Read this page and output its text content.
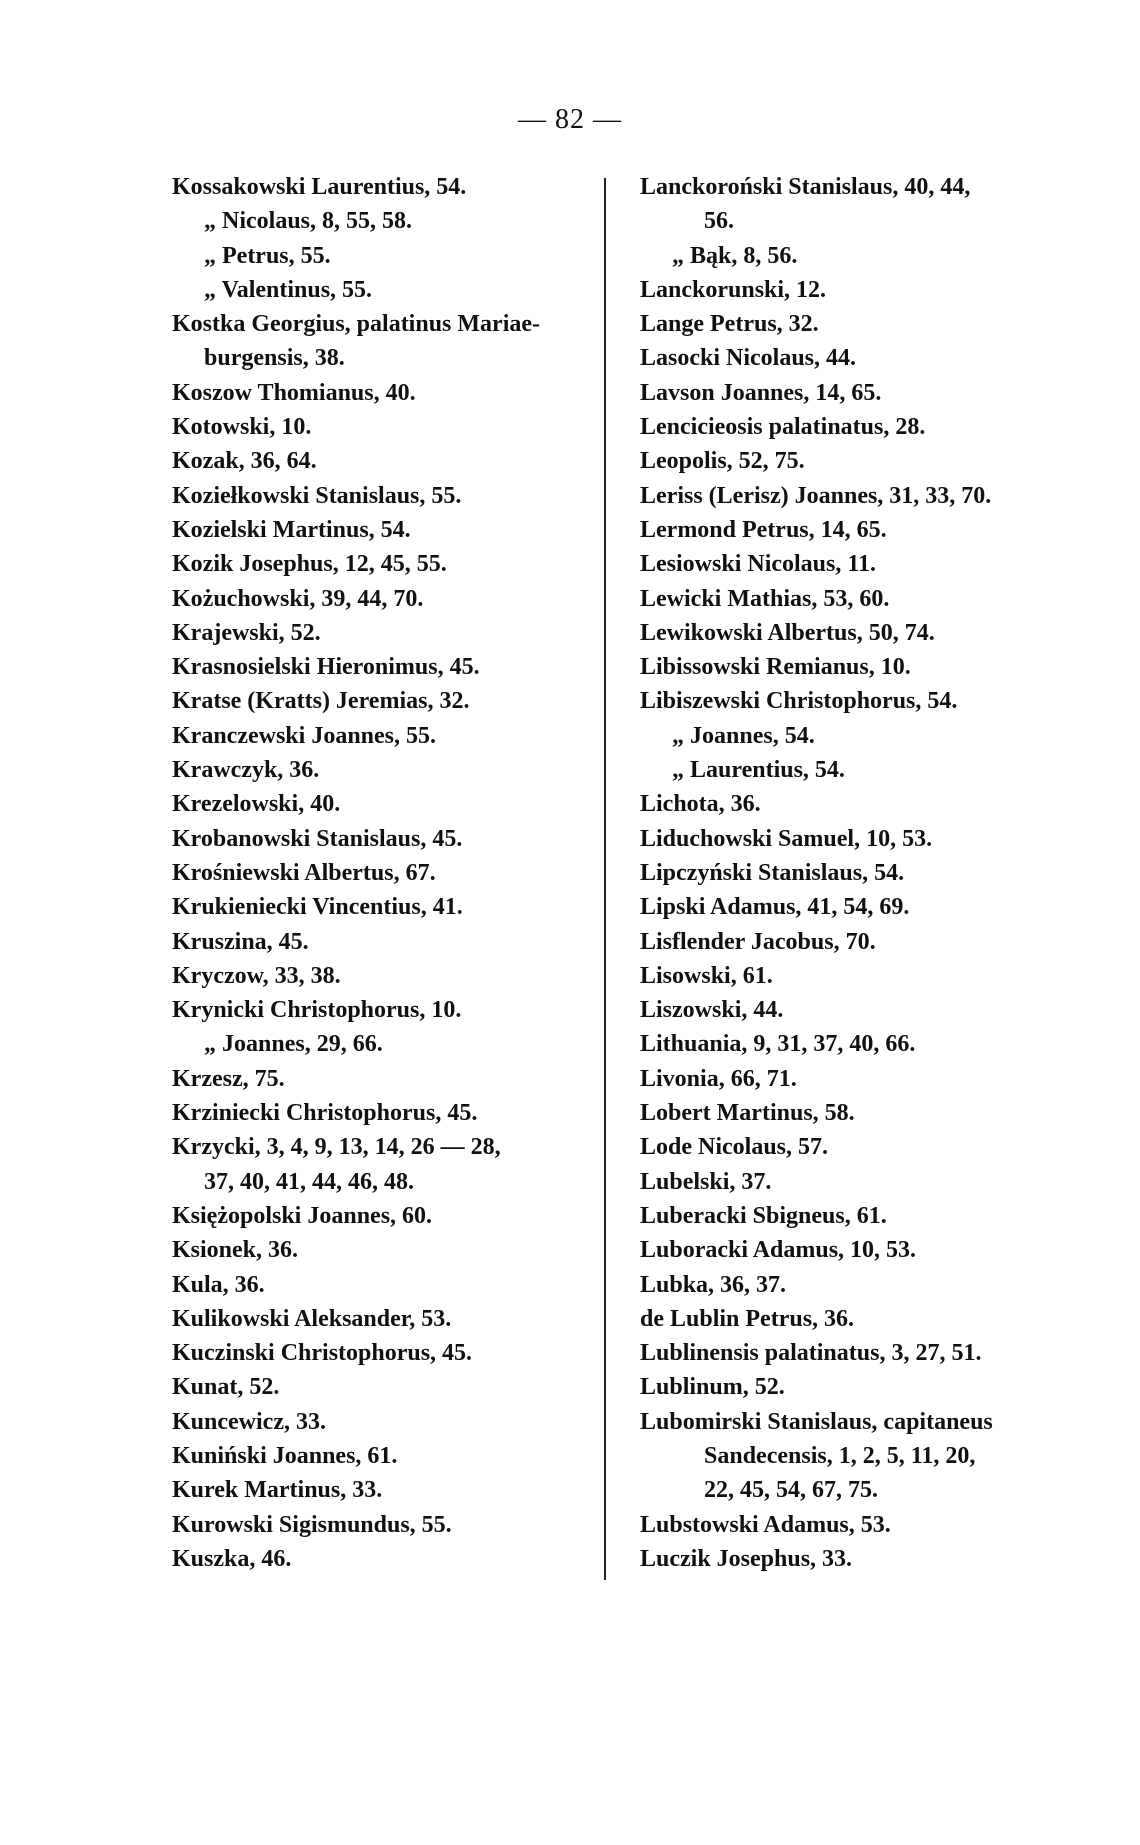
— 82 —
Kossakowski Laurentius, 54.
„ Nicolaus, 8, 55, 58.
„ Petrus, 55.
„ Valentinus, 55.
Kostka Georgius, palatinus Mariae-
burgensis, 38.
Koszow Thomianus, 40.
Kotowski, 10.
Kozak, 36, 64.
Koziełkowski Stanislaus, 55.
Kozielski Martinus, 54.
Kozik Josephus, 12, 45, 55.
Kożuchowski, 39, 44, 70.
Krajewski, 52.
Krasnosielski Hieronimus, 45.
Kratse (Kratts) Jeremias, 32.
Kranczewski Joannes, 55.
Krawczyk, 36.
Krezelowski, 40.
Krobanowski Stanislaus, 45.
Krośniewski Albertus, 67.
Krukieniecki Vincentius, 41.
Kruszina, 45.
Kryczow, 33, 38.
Krynicki Christophorus, 10.
„ Joannes, 29, 66.
Krzesz, 75.
Krziniecki Christophorus, 45.
Krzycki, 3, 4, 9, 13, 14, 26 — 28,
37, 40, 41, 44, 46, 48.
Księżopolski Joannes, 60.
Ksionek, 36.
Kula, 36.
Kulikowski Aleksander, 53.
Kuczinski Christophorus, 45.
Kunat, 52.
Kuncewicz, 33.
Kuniński Joannes, 61.
Kurek Martinus, 33.
Kurowski Sigismundus, 55.
Kuszka, 46.
Lanckoroński Stanislaus, 40, 44,
56.
„ Bąk, 8, 56.
Lanckorunski, 12.
Lange Petrus, 32.
Lasocki Nicolaus, 44.
Lavson Joannes, 14, 65.
Lencicieosis palatinatus, 28.
Leopolis, 52, 75.
Leriss (Lerisz) Joannes, 31, 33, 70.
Lermond Petrus, 14, 65.
Lesiowski Nicolaus, 11.
Lewicki Mathias, 53, 60.
Lewikowski Albertus, 50, 74.
Libissowski Remianus, 10.
Libiszewski Christophorus, 54.
„ Joannes, 54.
„ Laurentius, 54.
Lichota, 36.
Liduchowski Samuel, 10, 53.
Lipczyński Stanislaus, 54.
Lipski Adamus, 41, 54, 69.
Lisflender Jacobus, 70.
Lisowski, 61.
Liszowski, 44.
Lithuania, 9, 31, 37, 40, 66.
Livonia, 66, 71.
Lobert Martinus, 58.
Lode Nicolaus, 57.
Lubelski, 37.
Luberacki Sbigneus, 61.
Luboracki Adamus, 10, 53.
Lubka, 36, 37.
de Lublin Petrus, 36.
Lublinensis palatinatus, 3, 27, 51.
Lublinum, 52.
Lubomirski Stanislaus, capitaneus
Sandecensis, 1, 2, 5, 11, 20,
22, 45, 54, 67, 75.
Lubstowski Adamus, 53.
Luczik Josephus, 33.
